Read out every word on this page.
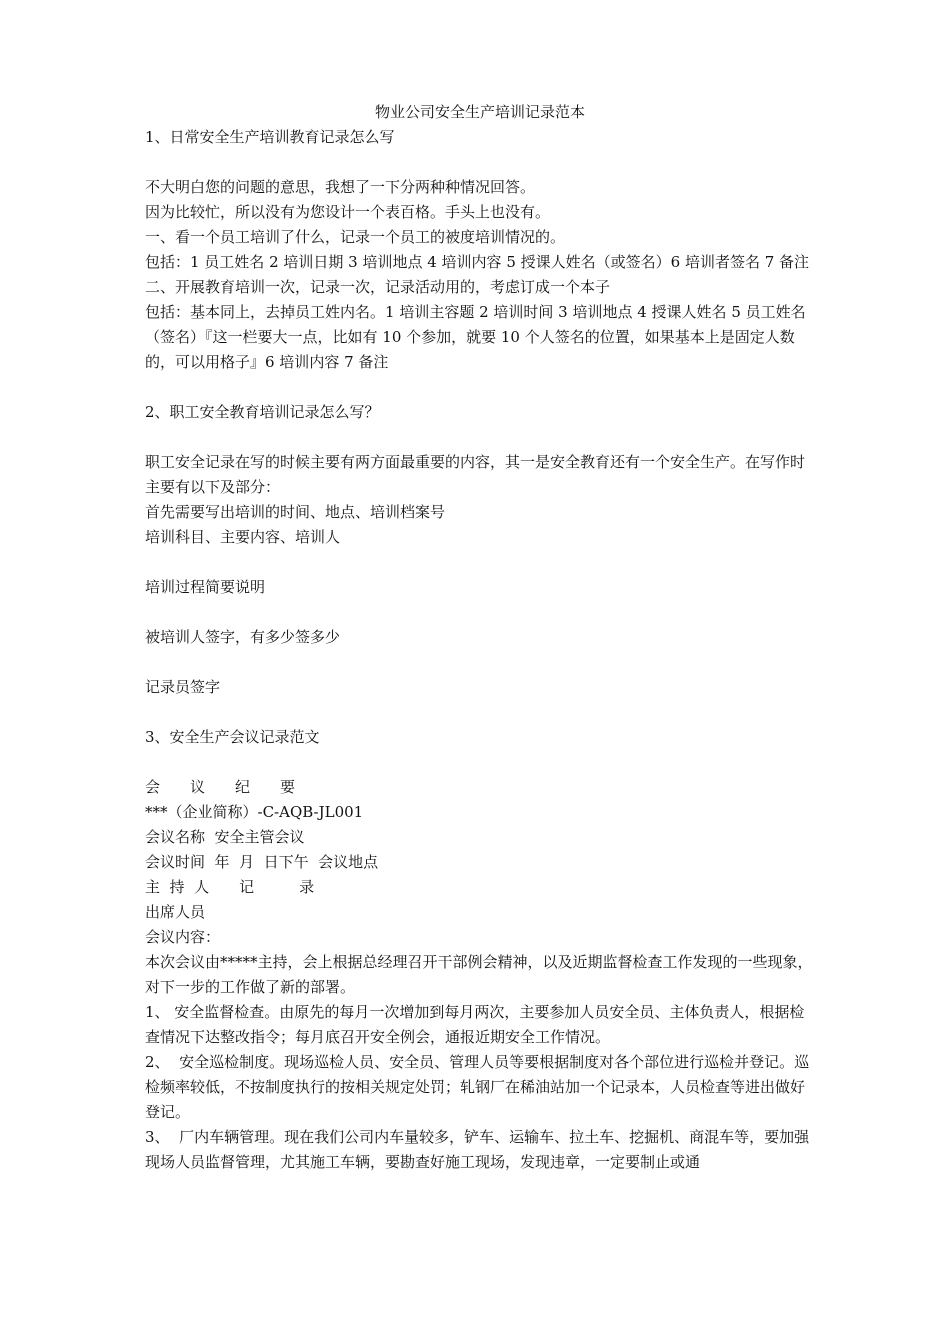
物业公司安全生产培训记录范本

1、日常安全生产培训教育记录怎么写

不大明白您的问题的意思，我想了一下分两种种情况回答。

因为比较忙，所以没有为您设计一个表百格。手头上也没有。

一、看一个员工培训了什么，记录一个员工的被度培训情况的。

包括：1 员工姓名 2 培训日期 3 培训地点 4 培训内容 5 授课人姓名（或签名）6 培训者签名 7 备注

二、开展教育培训一次，记录一次，记录活动用的，考虑订成一个本子

包括：基本同上，去掉员工姓内名。1 培训主容题 2 培训时间 3 培训地点 4 授课人姓名 5 员工姓名（签名）『这一栏要大一点，比如有 10 个参加，就要 10 个人签名的位置，如果基本上是固定人数的，可以用格子』6 培训内容 7 备注

2、职工安全教育培训记录怎么写？

职工安全记录在写的时候主要有两方面最重要的内容，其一是安全教育还有一个安全生产。在写作时主要有以下及部分：

首先需要写出培训的时间、地点、培训档案号

培训科目、主要内容、培训人

培训过程简要说明

被培训人签字，有多少签多少

记录员签字

3、安全生产会议记录范文

会　　议　　纪　　要

***（企业简称）-C-AQB-JL001

会议名称  安全主管会议

会议时间  年  月  日下午  会议地点

主  持  人　　记　　　录

出席人员

会议内容：

本次会议由*****主持，会上根据总经理召开干部例会精神，以及近期监督检查工作发现的一些现象，对下一步的工作做了新的部署。

1、 安全监督检查。由原先的每月一次增加到每月两次，主要参加人员安全员、主体负责人，根据检查情况下达整改指令；每月底召开安全例会，通报近期安全工作情况。

2、  安全巡检制度。现场巡检人员、安全员、管理人员等要根据制度对各个部位进行巡检并登记。巡检频率较低，不按制度执行的按相关规定处罚；轧钢厂在稀油站加一个记录本，人员检查等进出做好登记。

3、  厂内车辆管理。现在我们公司内车量较多，铲车、运输车、拉土车、挖掘机、商混车等，要加强现场人员监督管理，尤其施工车辆，要勘查好施工现场，发现违章，一定要制止或通
